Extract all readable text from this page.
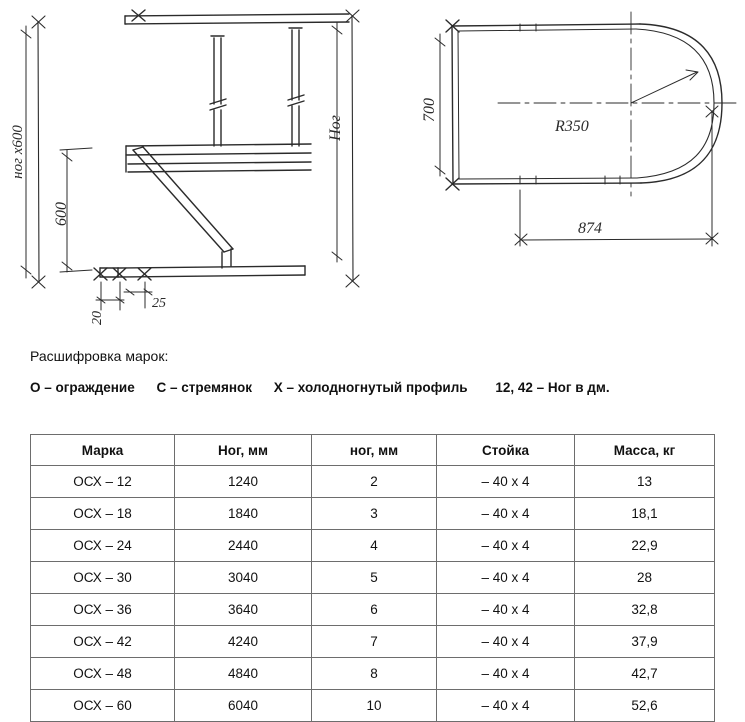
ног x600
600
Ног
20
25
700
R350
874

Расшифровка марок:

О – ограждение С – стремянок Х – холодногнутый профиль 12, 42 – Ног в дм.
Марка	Ног, мм	ног, мм	Стойка	Масса, кг
ОСХ – 12	1240	2	– 40 х 4	13
ОСХ – 18	1840	3	– 40 х 4	18,1
ОСХ – 24	2440	4	– 40 х 4	22,9
ОСХ – 30	3040	5	– 40 х 4	28
ОСХ – 36	3640	6	– 40 х 4	32,8
ОСХ – 42	4240	7	– 40 х 4	37,9
ОСХ – 48	4840	8	– 40 х 4	42,7
ОСХ – 60	6040	10	– 40 х 4	52,6
